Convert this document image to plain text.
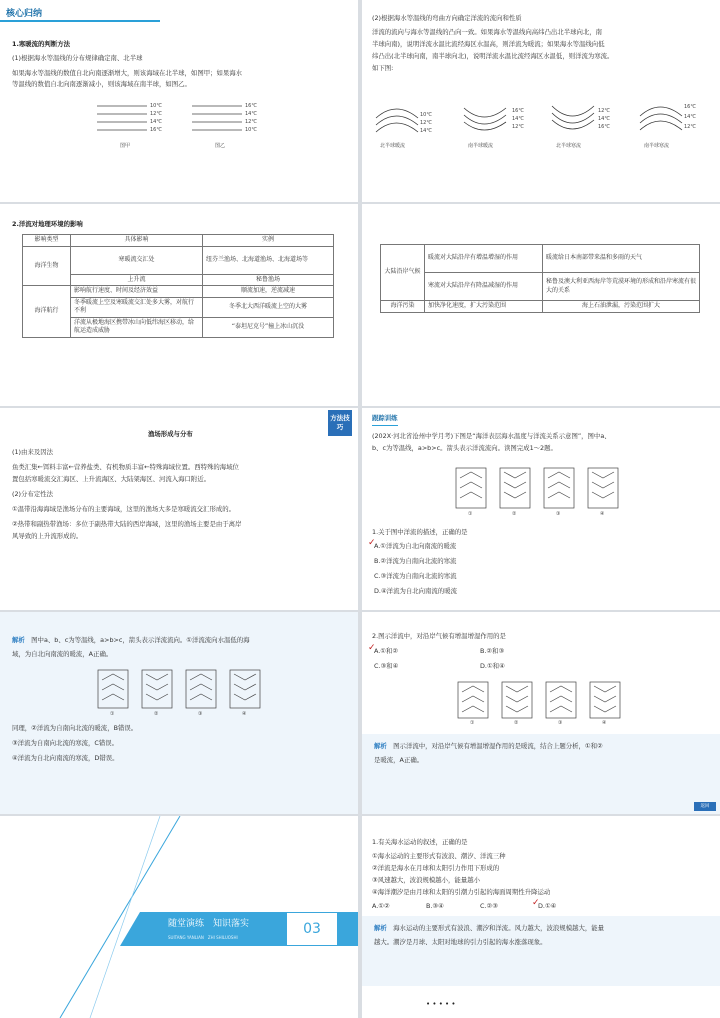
核心归纳
1.寒暖流的判断方法
(1)根据海水等温线的分布规律确定南、北半球
如果海水等温线的数值自北向南逐渐增大，则该海域在北半球，如图甲；如果海水
等温线的数值自北向南逐渐减小，则该海域在南半球，如图乙。
10℃
12℃
14℃
16℃
图甲
16℃
14℃
12℃
10℃
图乙
(2)根据海水等温线的弯曲方向确定洋流的流向和性质
洋流的流向与海水等温线的凸向一致。如果海水等温线向高纬凸出北半球向北，南
半球向南)，说明洋流水温比流经海区水温高，则洋流为暖流；如果海水等温线向低
纬凸出(北半球向南，南半球向北)，说明洋流水温比流经海区水温低，则洋流为寒流。
如下图:
10℃
12℃
14℃
北半球暖流
16℃
14℃
12℃
南半球暖流
12℃
14℃
16℃
北半球寒流
16℃
14℃
12℃
南半球寒流
2.洋流对地理环境的影响
影响类型	具体影响	实例
海洋生物	寒暖流交汇处	纽芬兰渔场、北海道渔场、北海道场等
	上升流	秘鲁渔场
海洋航行	影响航行速度、时间及经济效益	顺流加速，逆流减速
	冬季暖流上空及寒暖流交汇处多大雾，对航行不利	冬季北大西洋暖流上空的大雾
	洋流从极地海区携带冰山向低纬海区移动，给航运造成威胁	“泰坦尼克号”撞上冰山沉没
大陆沿岸气候	暖流对大陆沿岸有增温增湿的作用	暖流给日本南部带来温和多雨的天气
	寒流对大陆沿岸有降温减湿的作用	秘鲁及澳大利亚西海岸等荒漠环境的形成和沿岸寒流有很大的关系
海洋污染	加快净化速度，扩大污染范围	海上石油泄漏，污染范围扩大
方法技巧
渔场形成与分布
(1)由来及因法
鱼类汇集←饵料丰富←营养盐类、有机物质丰富←特殊海域位置。西特殊的海域位
置包括寒暖流交汇海区、上升流海区、大陆架海区、河流入海口附近。
(2)分布定性法
①温带沿海海域是渔场分布的主要海域，这里的渔场大多是寒暖流交汇形成的。
②热带和副热带渔场：多位于副热带大陆的西岸海域，这里的渔场主要是由于离岸
风导致的上升流形成的。
跟踪训练
(202X·河北省沧州中学月考)下图是“海洋表层海水温度与洋流关系示意图”，图中a、
b、c为等温线，a>b>c。箭头表示洋流流向。读图完成1～2题。
①	②	③	④
1.关于图中洋流的描述，正确的是
✓
A.①洋流为自北向南流的暖流
B.②洋流为自南向北流的寒流
C.③洋流为自南向北流的寒流
D.④洋流为自北向南流的暖流
解析　 图中a、b、c为等温线，a>b>c，箭头表示洋流流向。①洋流流向水温低的海
域，为自北向南流的暖流，A正确。
①	②	③	④
同理，②洋流为自南向北流的暖流，B错误。
③洋流为自南向北流的寒流，C错误。
④洋流为自北向南流的寒流，D错误。
2.图示洋流中，对沿岸气候有增温增湿作用的是
✓
A.①和②	B.②和③
C.③和④	D.①和④
①	②	③	④
解析　 图示洋流中，对沿岸气候有增温增湿作用的是暖流，结合上题分析，①和②
是暖流，A正确。
返回
随堂演练　知识落实
SUITANG YANLIAN　ZHI SHILUOSHI
03
1.有关海水运动的叙述，正确的是
①海水运动的主要形式有波浪、潮汐、洋流三种
②洋流是海水在月球和太阳引力作用下形成的
③风速越大，波浪规模越小，能量越小
④海洋潮汐是由月球和太阳的引潮力引起的海面周期性升降运动
A.①②	B.③④	C.②③	✓
D.①④
解析　 海水运动的主要形式有波浪、潮汐和洋流。风力越大，波浪规模越大，能量
越大。潮汐是月球、太阳对地球的引力引起的海水涨落现象。
• • • • •
